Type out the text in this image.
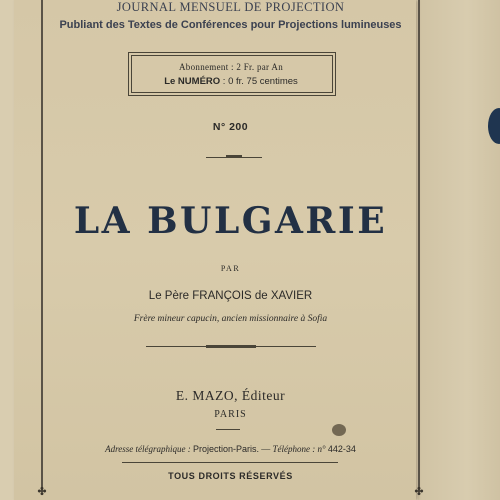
✤	✤
JOURNAL MENSUEL DE PROJECTION
Publiant des Textes de Conférences pour Projections lumineuses
Abonnement : 2 Fr. par An
Le NUMÉRO : 0 fr. 75 centimes
N° 200
LA BULGARIE
PAR
Le Père FRANÇOIS de XAVIER
Frère mineur capucin, ancien missionnaire à Sofia
E. MAZO, Éditeur
PARIS
Adresse télégraphique : Projection-Paris. — Téléphone : n° 442-34
TOUS DROITS RÉSERVÉS
